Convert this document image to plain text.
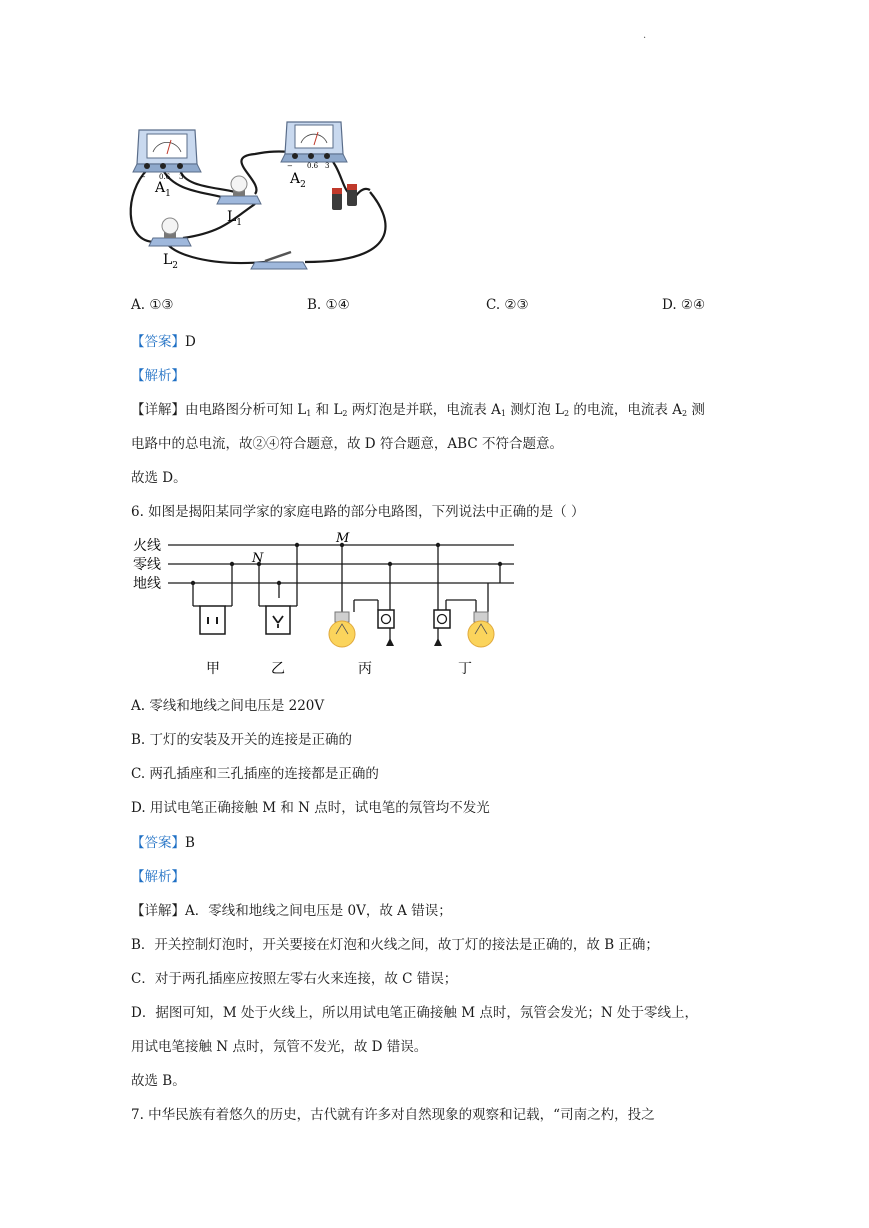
.
− 0.6 3
$A_1$
− 0.6 3
$A_2$
$L_1$
$L_2$
A. ①③	B. ①④	C. ②③	D. ②④
【答案】D
【解析】
【详解】由电路图分析可知 $L_1$ 和 $L_2$ 两灯泡是并联，电流表 $A_1$ 测灯泡 $L_2$ 的电流，电流表 $A_2$ 测
电路中的总电流，故②④符合题意，故 D 符合题意，ABC 不符合题意。
故选 D。
6. 如图是揭阳某同学家的家庭电路的部分电路图，下列说法中正确的是（ ）
火线
零线
地线
N
M
甲	乙	丙	丁
A. 零线和地线之间电压是 220V
B. 丁灯的安装及开关的连接是正确的
C. 两孔插座和三孔插座的连接都是正确的
D. 用试电笔正确接触 M 和 N 点时，试电笔的氖管均不发光
【答案】B
【解析】
【详解】A．零线和地线之间电压是 0V，故 A 错误；
B．开关控制灯泡时，开关要接在灯泡和火线之间，故丁灯的接法是正确的，故 B 正确；
C．对于两孔插座应按照左零右火来连接，故 C 错误；
D．据图可知，M 处于火线上，所以用试电笔正确接触 M 点时，氖管会发光；N 处于零线上，
用试电笔接触 N 点时，氖管不发光，故 D 错误。
故选 B。
7. 中华民族有着悠久的历史，古代就有许多对自然现象的观察和记载，“司南之杓，投之
